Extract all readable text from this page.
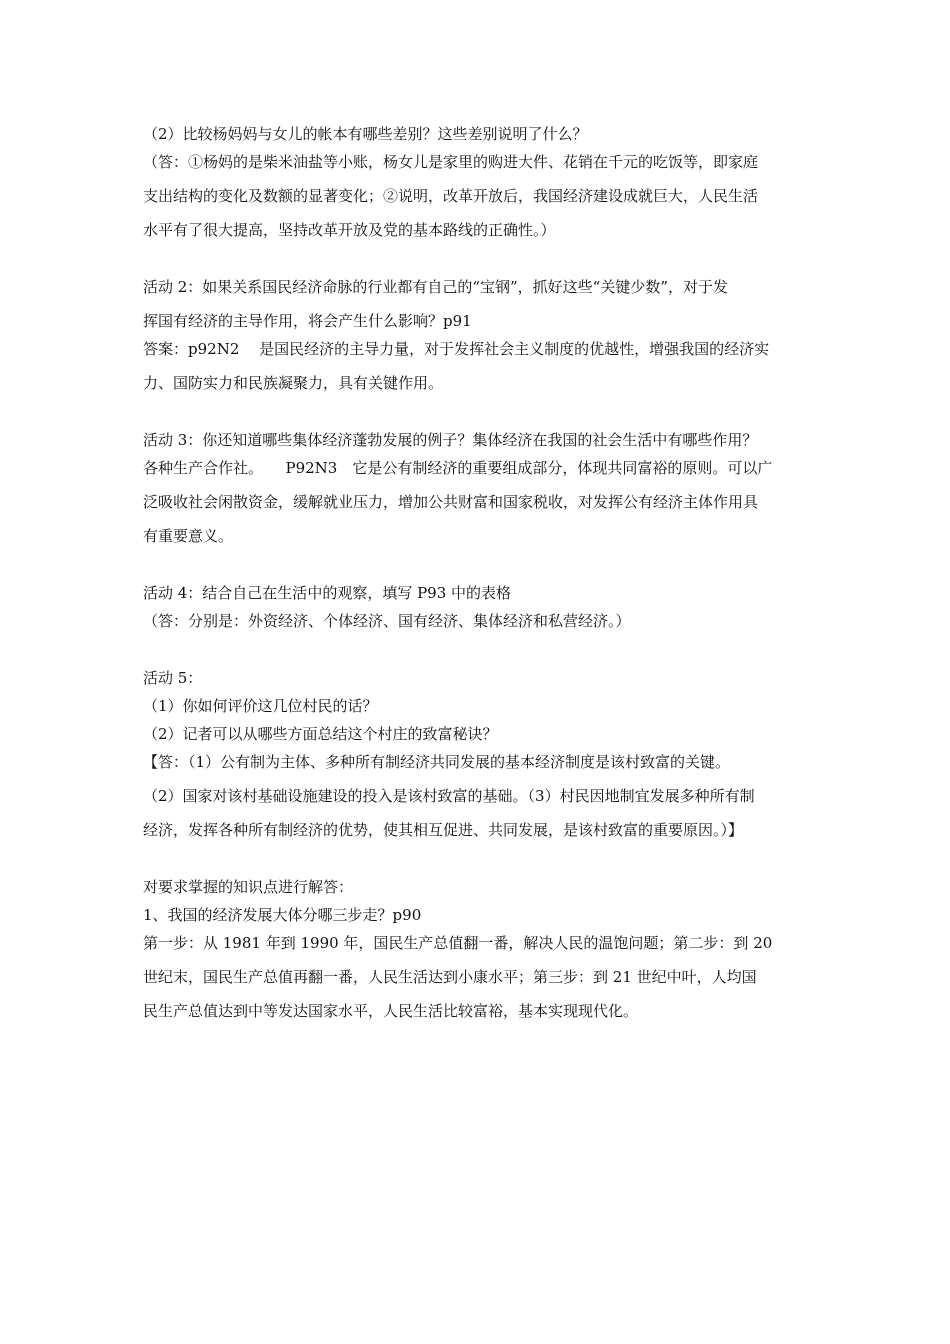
（2）比较杨妈妈与女儿的帐本有哪些差别？这些差别说明了什么？

（答：①杨妈的是柴米油盐等小账，杨女儿是家里的购进大件、花销在千元的吃饭等，即家庭

支出结构的变化及数额的显著变化；②说明，改革开放后，我国经济建设成就巨大，人民生活

水平有了很大提高，坚持改革开放及党的基本路线的正确性。）

活动 2：如果关系国民经济命脉的行业都有自己的“宝钢”，抓好这些“关键少数”，对于发

挥国有经济的主导作用，将会产生什么影响？p91

答案：p92N2　 是国民经济的主导力量，对于发挥社会主义制度的优越性，增强我国的经济实

力、国防实力和民族凝聚力，具有关键作用。

活动 3：你还知道哪些集体经济蓬勃发展的例子？集体经济在我国的社会生活中有哪些作用？

各种生产合作社。　　P92N3　它是公有制经济的重要组成部分，体现共同富裕的原则。可以广

泛吸收社会闲散资金，缓解就业压力，增加公共财富和国家税收，对发挥公有经济主体作用具

有重要意义。

活动 4：结合自己在生活中的观察，填写 P93 中的表格

（答：分别是：外资经济、个体经济、国有经济、集体经济和私营经济。）

活动 5：

（1）你如何评价这几位村民的话？

（2）记者可以从哪些方面总结这个村庄的致富秘诀？

【答：（1）公有制为主体、多种所有制经济共同发展的基本经济制度是该村致富的关键。

（2）国家对该村基础设施建设的投入是该村致富的基础。（3）村民因地制宜发展多种所有制

经济，发挥各种所有制经济的优势，使其相互促进、共同发展，是该村致富的重要原因。）】

对要求掌握的知识点进行解答：

1、我国的经济发展大体分哪三步走？p90

第一步：从 1981 年到 1990 年，国民生产总值翻一番，解决人民的温饱问题；第二步：到 20

世纪末，国民生产总值再翻一番，人民生活达到小康水平；第三步：到 21 世纪中叶，人均国

民生产总值达到中等发达国家水平，人民生活比较富裕，基本实现现代化。
